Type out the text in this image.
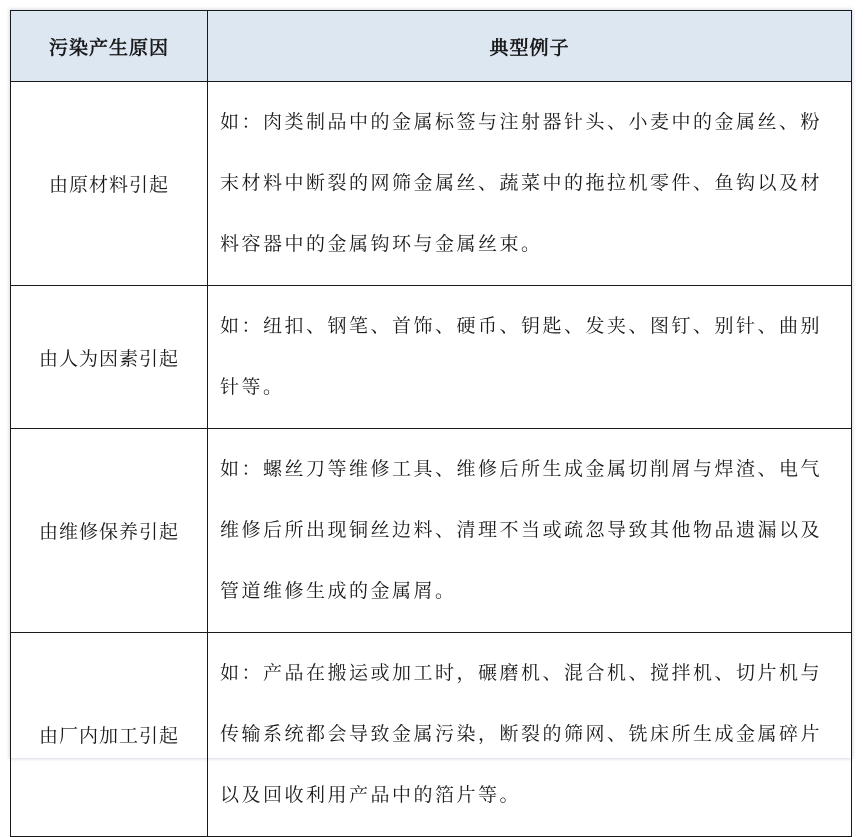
污染产生原因	典型例子
由原材料引起	如：肉类制品中的金属标签与注射器针头、小麦中的金属丝、粉末材料中断裂的网筛金属丝、蔬菜中的拖拉机零件、鱼钩以及材料容器中的金属钩环与金属丝束。
由人为因素引起	如：纽扣、钢笔、首饰、硬币、钥匙、发夹、图钉、别针、曲别针等。
由维修保养引起	如：螺丝刀等维修工具、维修后所生成金属切削屑与焊渣、电气维修后所出现铜丝边料、清理不当或疏忽导致其他物品遗漏以及管道维修生成的金属屑。
由厂内加工引起	如：产品在搬运或加工时，碾磨机、混合机、搅拌机、切片机与传输系统都会导致金属污染，断裂的筛网、铣床所生成金属碎片以及回收利用产品中的箔片等。
